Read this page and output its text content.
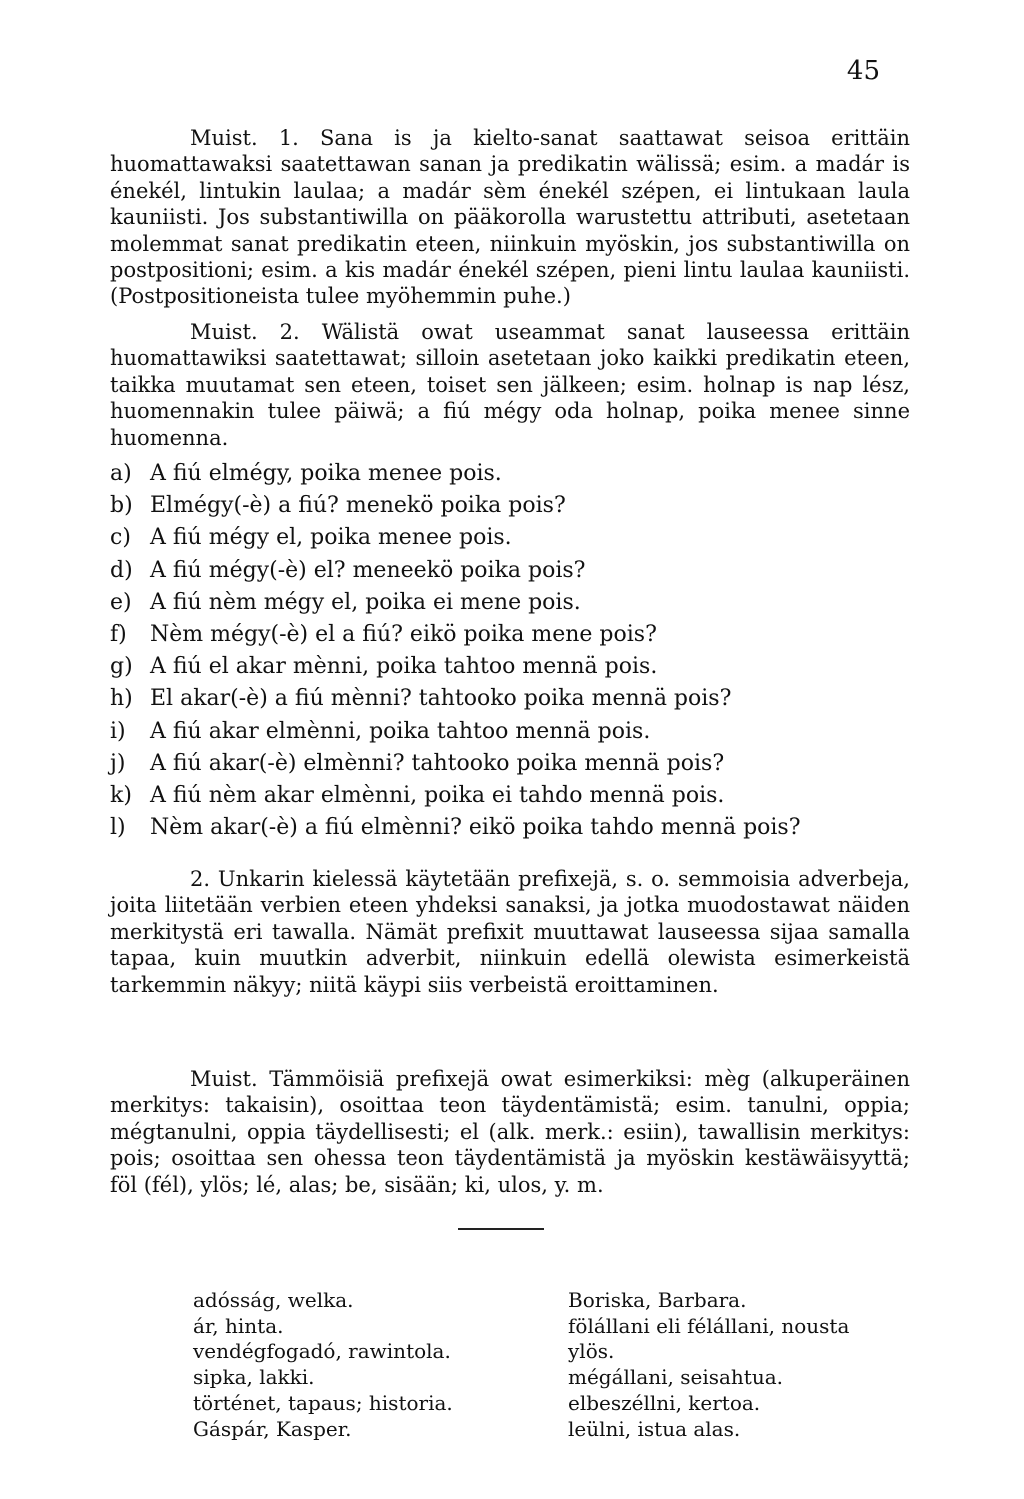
45

Muist. 1. Sana is ja kielto-sanat saattawat seisoa erittäin huomattawaksi saatettawan sanan ja predikatin wälissä; esim. a madár is énekél, lintukin laulaa; a madár sèm énekél szépen, ei lintukaan laula kauniisti. Jos substantiwilla on pääkorolla warustettu attributi, asetetaan molemmat sanat predikatin eteen, niinkuin myöskin, jos substantiwilla on postpositioni; esim. a kis madár énekél szépen, pieni lintu laulaa kauniisti. (Postpositioneista tulee myöhemmin puhe.)

Muist. 2. Wälistä owat useammat sanat lauseessa erittäin huomattawiksi saatettawat; silloin asetetaan joko kaikki predikatin eteen, taikka muutamat sen eteen, toiset sen jälkeen; esim. holnap is nap lész, huomennakin tulee päiwä; a fiú mégy oda holnap, poika menee sinne huomenna.

a) A fiú elmégy, poika menee pois.
b) Elmégy(-è) a fiú? menekö poika pois?
c) A fiú mégy el, poika menee pois.
d) A fiú mégy(-è) el? meneekö poika pois?
e) A fiú nèm mégy el, poika ei mene pois.
f) Nèm mégy(-è) el a fiú? eikö poika mene pois?
g) A fiú el akar mènni, poika tahtoo mennä pois.
h) El akar(-è) a fiú mènni? tahtooko poika mennä pois?
i) A fiú akar elmènni, poika tahtoo mennä pois.
j) A fiú akar(-è) elmènni? tahtooko poika mennä pois?
k) A fiú nèm akar elmènni, poika ei tahdo mennä pois.
l) Nèm akar(-è) a fiú elmènni? eikö poika tahdo mennä pois?

2. Unkarin kielessä käytetään prefixejä, s. o. semmoisia adverbeja, joita liitetään verbien eteen yhdeksi sanaksi, ja jotka muodostawat näiden merkitystä eri tawalla. Nämät prefixit muuttawat lauseessa sijaa samalla tapaa, kuin muutkin adverbit, niinkuin edellä olewista esimerkeistä tarkemmin näkyy; niitä käypi siis verbeistä eroittaminen.

Muist. Tämmöisiä prefixejä owat esimerkiksi: mèg (alkuperäinen merkitys: takaisin), osoittaa teon täydentämistä; esim. tanulni, oppia; mégtanulni, oppia täydellisesti; el (alk. merk.: esiin), tawallisin merkitys: pois; osoittaa sen ohessa teon täydentämistä ja myöskin kestäwäisyyttä; föl (fél), ylös; lé, alas; be, sisään; ki, ulos, y. m.

adósság, welka.
ár, hinta.
vendégfogadó, rawintola.
sipka, lakki.
történet, tapaus; historia.
Gáspár, Kasper.
Boriska, Barbara.
fölállani eli félállani, nousta
ylös.
mégállani, seisahtua.
elbeszéllni, kertoa.
leülni, istua alas.
